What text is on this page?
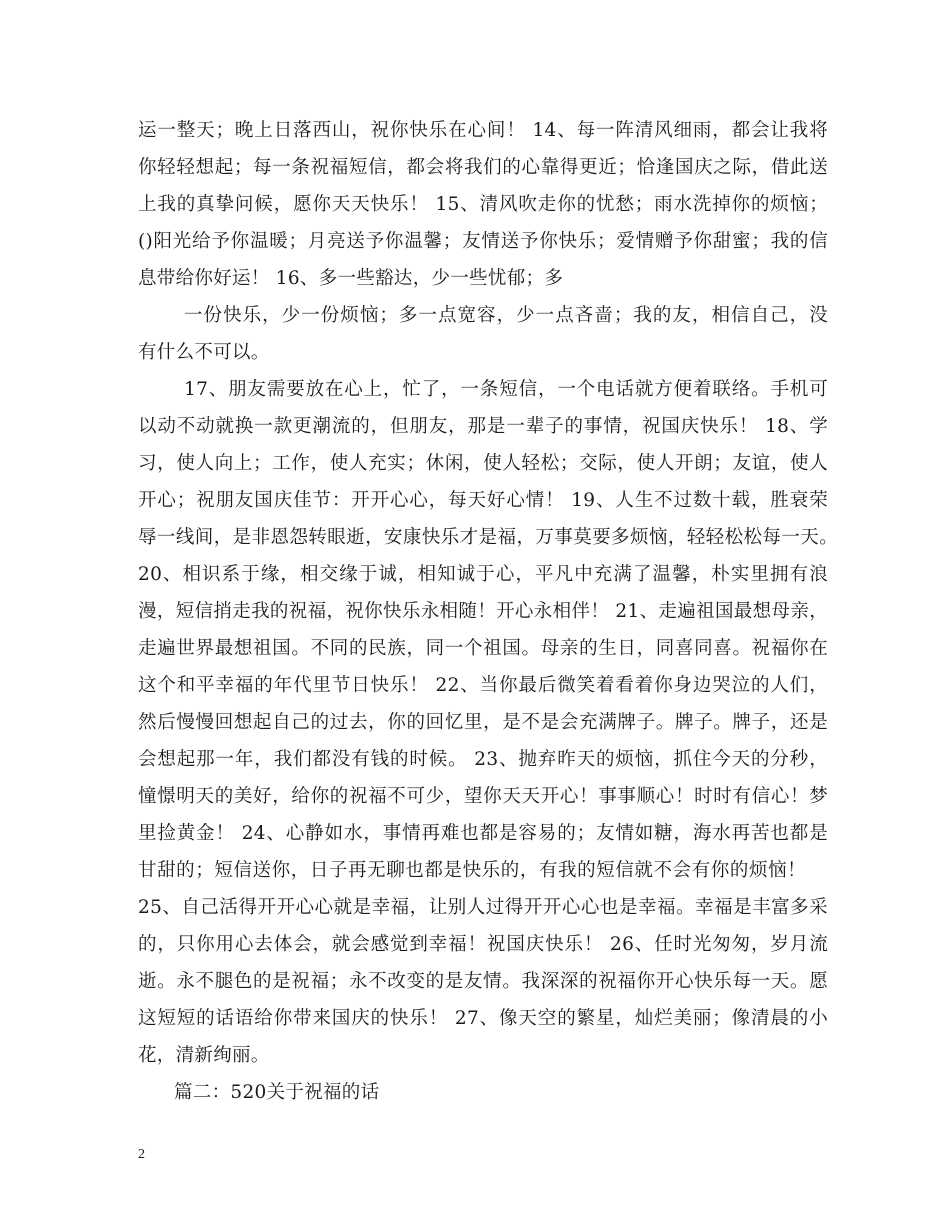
运一整天；晚上日落西山，祝你快乐在心间！ 14、每一阵清风细雨，都会让我将
你轻轻想起；每一条祝福短信，都会将我们的心靠得更近；恰逢国庆之际，借此送
上我的真挚问候，愿你天天快乐！ 15、清风吹走你的忧愁；雨水洗掉你的烦恼；
()阳光给予你温暖；月亮送予你温馨；友情送予你快乐；爱情赠予你甜蜜；我的信
息带给你好运！ 16、多一些豁达，少一些忧郁；多
一份快乐，少一份烦恼；多一点宽容，少一点吝啬；我的友，相信自己，没
有什么不可以。
17、朋友需要放在心上，忙了，一条短信，一个电话就方便着联络。手机可
以动不动就换一款更潮流的，但朋友，那是一辈子的事情，祝国庆快乐！ 18、学
习，使人向上；工作，使人充实；休闲，使人轻松；交际，使人开朗；友谊，使人
开心；祝朋友国庆佳节：开开心心，每天好心情！ 19、人生不过数十载，胜衰荣
辱一线间，是非恩怨转眼逝，安康快乐才是福，万事莫要多烦恼，轻轻松松每一天。
20、相识系于缘，相交缘于诚，相知诚于心，平凡中充满了温馨，朴实里拥有浪
漫，短信捎走我的祝福，祝你快乐永相随！开心永相伴！ 21、走遍祖国最想母亲，
走遍世界最想祖国。不同的民族，同一个祖国。母亲的生日，同喜同喜。祝福你在
这个和平幸福的年代里节日快乐！ 22、当你最后微笑着看着你身边哭泣的人们，
然后慢慢回想起自己的过去，你的回忆里，是不是会充满牌子。牌子。牌子，还是
会想起那一年，我们都没有钱的时候。 23、抛弃昨天的烦恼，抓住今天的分秒，
憧憬明天的美好，给你的祝福不可少，望你天天开心！事事顺心！时时有信心！梦
里捡黄金！ 24、心静如水，事情再难也都是容易的；友情如糖，海水再苦也都是
甘甜的；短信送你，日子再无聊也都是快乐的，有我的短信就不会有你的烦恼！
25、自己活得开开心心就是幸福，让别人过得开开心心也是幸福。幸福是丰富多采
的，只你用心去体会，就会感觉到幸福！祝国庆快乐！ 26、任时光匆匆，岁月流
逝。永不腿色的是祝福；永不改变的是友情。我深深的祝福你开心快乐每一天。愿
这短短的话语给你带来国庆的快乐！ 27、像天空的繁星，灿烂美丽；像清晨的小
花，清新绚丽。
篇二：520关于祝福的话
2
